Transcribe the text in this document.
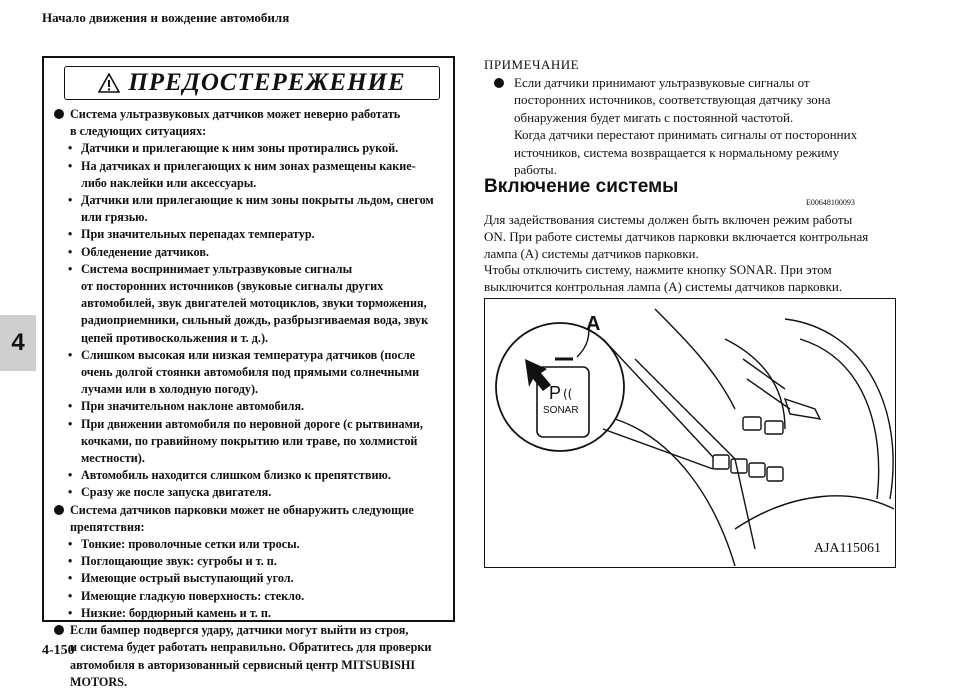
Начало движения и вождение автомобиля
4
4-150
ПРЕДОСТЕРЕЖЕНИЕ
Система ультразвуковых датчиков может неверно работать
в следующих ситуациях:
• Датчики и прилегающие к ним зоны протирались рукой.
• На датчиках и прилегающих к ним зонах размещены какие-
либо наклейки или аксессуары.
• Датчики или прилегающие к ним зоны покрыты льдом, снегом
или грязью.
• При значительных перепадах температур.
• Обледенение датчиков.
• Система воспринимает ультразвуковые сигналы
от посторонних источников (звуковые сигналы других
автомобилей, звук двигателей мотоциклов, звуки торможения,
радиоприемники, сильный дождь, разбрызгиваемая вода, звук
цепей противоскольжения и т. д.).
• Слишком высокая или низкая температура датчиков (после
очень долгой стоянки автомобиля под прямыми солнечными
лучами или в холодную погоду).
• При значительном наклоне автомобиля.
• При движении автомобиля по неровной дороге (с рытвинами,
кочками, по гравийному покрытию или траве, по холмистой
местности).
• Автомобиль находится слишком близко к препятствию.
• Сразу же после запуска двигателя.
Система датчиков парковки может не обнаружить следующие
препятствия:
• Тонкие: проволочные сетки или тросы.
• Поглощающие звук: сугробы и т. п.
• Имеющие острый выступающий угол.
• Имеющие гладкую поверхность: стекло.
• Низкие: бордюрный камень и т. п.
Если бампер подвергся удару, датчики могут выйти из строя,
и система будет работать неправильно. Обратитесь для проверки
автомобиля в авторизованный сервисный центр MITSUBISHI
MOTORS.
ПРИМЕЧАНИЕ
Если датчики принимают ультразвуковые сигналы от
посторонних источников, соответствующая датчику зона
обнаружения будет мигать с постоянной частотой.
Когда датчики перестают принимать сигналы от посторонних
источников, система возвращается к нормальному режиму
работы.
Включение системы
E00648100093
Для задействования системы должен быть включен режим работы
ON. При работе системы датчиков парковки включается контрольная
лампа (A) системы датчиков парковки.
Чтобы отключить систему, нажмите кнопку SONAR. При этом
выключится контрольная лампа (A) системы датчиков парковки.
A
P ((
SONAR
AJA115061
